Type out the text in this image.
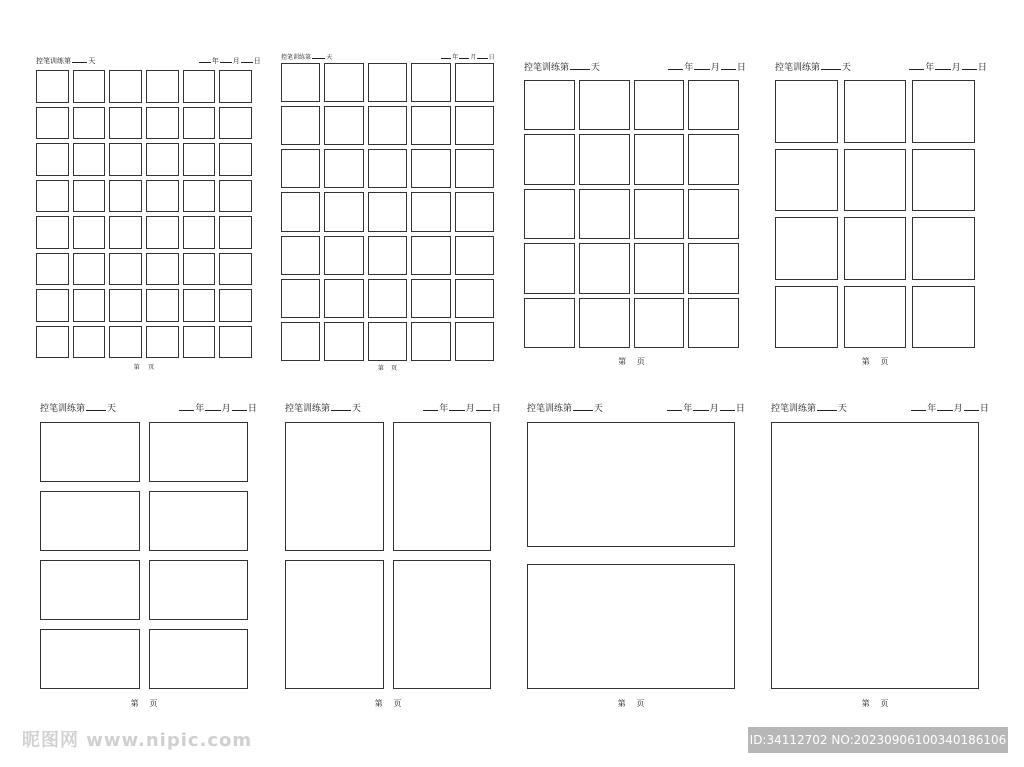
控笔训练第 天	年 月 日
第 页
控笔训练第	天	年 月 日
第 页
控笔训练第 天	年 月 日
第 页
控笔训练第 天	年 月 日
第 页
控笔训练第 天	年 月 日
第 页
控笔训练第 天	年 月 日
第 页
控笔训练第 天	年 月 日
第 页
控笔训练第 天	年 月 日
第 页
昵图网 www.nipic.com	ID:34112702 NO:20230906100340186106
